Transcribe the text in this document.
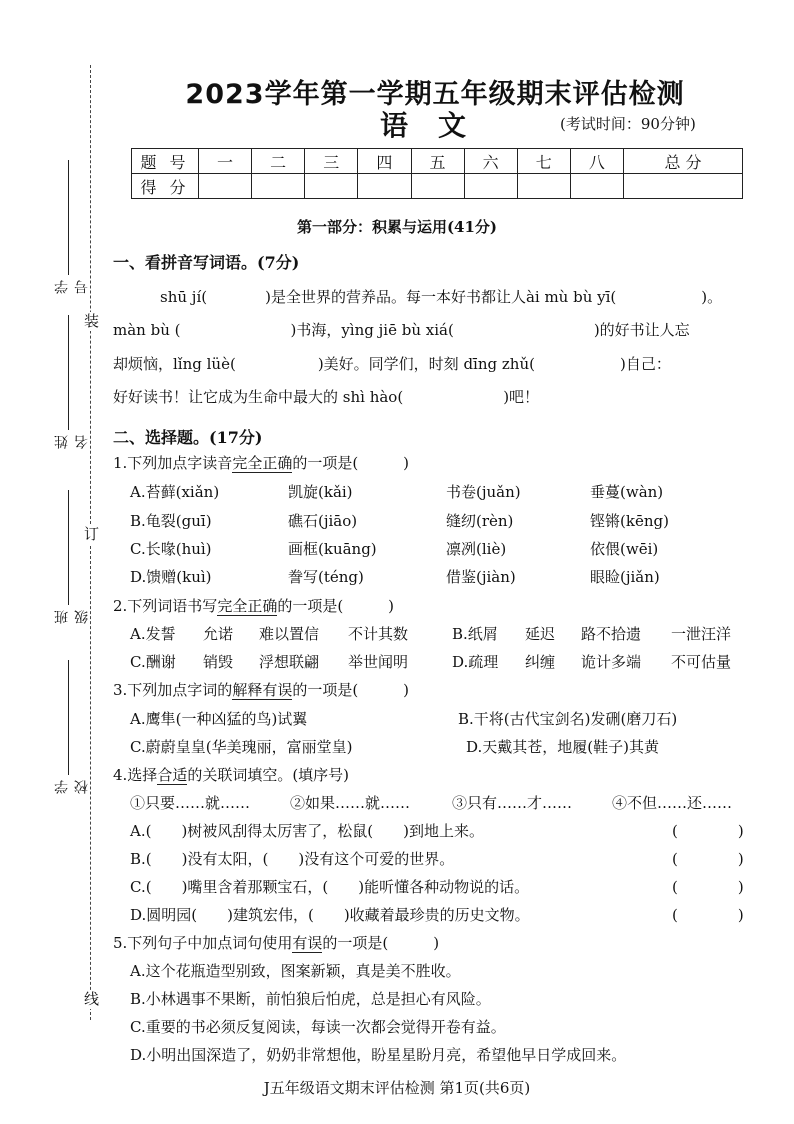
装
订
线
学号
姓名
班级
学校
2023学年第一学期五年级期末评估检测
语文	(考试时间：90分钟)
题 号	一	二	三	四	五	六	七	八	总 分
得 分									
第一部分：积累与运用(41分)
一、看拼音写词语。(7分)
shū jí(	)是全世界的营养品。每一本好书都让人ài mù bù yī(	)。
màn bù (	)书海，yìng jiē bù xiá(	)的好书让人忘
却烦恼，lǐng lüè(	)美好。同学们，时刻 dīng zhǔ(	)自己：
好好读书！让它成为生命中最大的 shì hào(	)吧！
二、选择题。(17分)
1.下列加点字读音完全正确的一项是(　　　)
A.苔藓(xiǎn)	凯旋(kǎi)	书卷(juǎn)	垂蔓(wàn)
B.龟裂(guī)	礁石(jiāo)	缝纫(rèn)	铿锵(kēng)
C.长喙(huì)	画框(kuāng)	凛冽(liè)	依偎(wēi)
D.馈赠(kuì)	誊写(téng)	借鉴(jiàn)	眼睑(jiǎn)
2.下列词语书写完全正确的一项是(　　　)
A.发誓 允诺 难以置信 不计其数	B.纸屑 延迟 路不拾遗 一泄汪洋
C.酬谢 销毁 浮想联翩 举世闻明	D.疏理 纠缠 诡计多端 不可估量
3.下列加点字词的解释有误的一项是(　　　)
A.鹰隼(一种凶猛的鸟)试翼	B.干将(古代宝剑名)发硎(磨刀石)
C.蔚蔚皇皇(华美瑰丽，富丽堂皇)	D.天戴其苍，地履(鞋子)其黄
4.选择合适的关联词填空。(填序号)
①只要……就……	②如果……就……	③只有……才……	④不但……还……
A.(　　)树被风刮得太厉害了，松鼠(　　)到地上来。	(　　　　)
B.(　　)没有太阳，(　　)没有这个可爱的世界。	(　　　　)
C.(　　)嘴里含着那颗宝石，(　　)能听懂各种动物说的话。	(　　　　)
D.圆明园(　　)建筑宏伟，(　　)收藏着最珍贵的历史文物。	(　　　　)
5.下列句子中加点词句使用有误的一项是(　　　)
A.这个花瓶造型别致，图案新颖，真是美不胜收。
B.小林遇事不果断，前怕狼后怕虎，总是担心有风险。
C.重要的书必须反复阅读，每读一次都会觉得开卷有益。
D.小明出国深造了，奶奶非常想他，盼星星盼月亮，希望他早日学成回来。
J五年级语文期末评估检测 第1页(共6页)
